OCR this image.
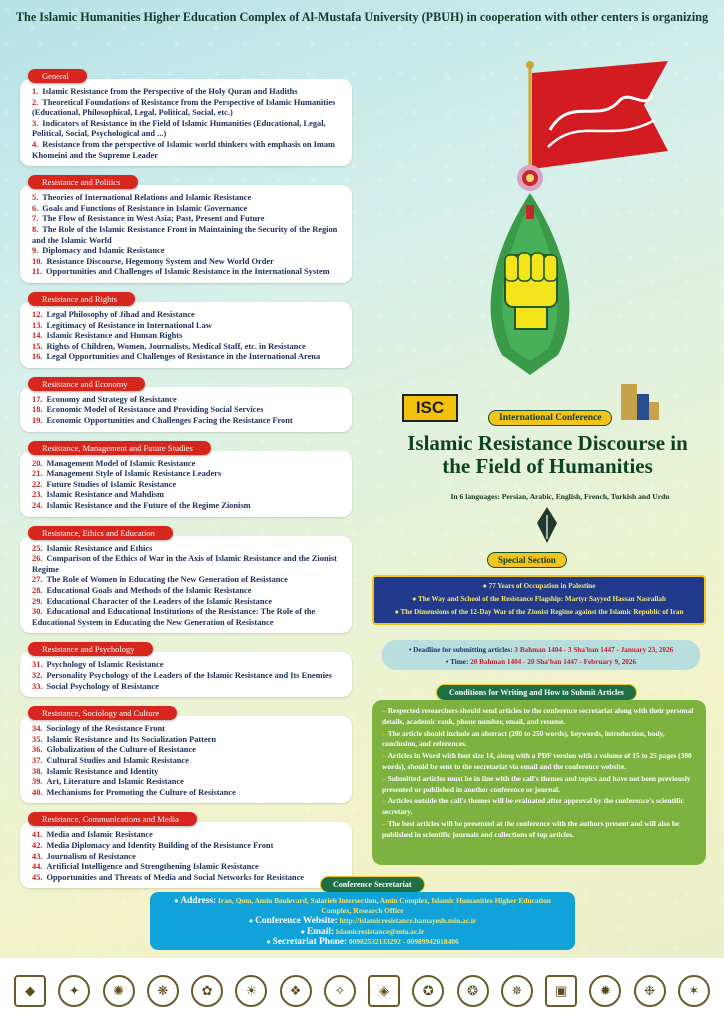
The Islamic Humanities Higher Education Complex of Al-Mustafa University (PBUH) in cooperation with other centers is organizing
General
1. Islamic Resistance from the Perspective of the Holy Quran and Hadiths
2. Theoretical Foundations of Resistance from the Perspective of Islamic Humanities (Educational, Philosophical, Legal, Political, Social, etc.)
3. Indicators of Resistance in the Field of Islamic Humanities (Educational, Legal, Political, Social, Psychological and ...)
4. Resistance from the perspective of Islamic world thinkers with emphasis on Imam Khomeini and the Supreme Leader
Resistance and Politics
5. Theories of International Relations and Islamic Resistance
6. Goals and Functions of Resistance in Islamic Governance
7. The Flow of Resistance in West Asia; Past, Present and Future
8. The Role of the Islamic Resistance Front in Maintaining the Security of the Region and the Islamic World
9. Diplomacy and Islamic Resistance
10. Resistance Discourse, Hegemony System and New World Order
11. Opportunities and Challenges of Islamic Resistance in the International System
Resistance and Rights
12. Legal Philosophy of Jihad and Resistance
13. Legitimacy of Resistance in International Law
14. Islamic Resistance and Human Rights
15. Rights of Children, Women, Journalists, Medical Staff, etc. in Resistance
16. Legal Opportunities and Challenges of Resistance in the International Arena
Resistance and Economy
17. Economy and Strategy of Resistance
18. Economic Model of Resistance and Providing Social Services
19. Economic Opportunities and Challenges Facing the Resistance Front
Resistance, Management and Future Studies
20. Management Model of Islamic Resistance
21. Management Style of Islamic Resistance Leaders
22. Future Studies of Islamic Resistance
23. Islamic Resistance and Mahdism
24. Islamic Resistance and the Future of the Regime Zionism
Resistance, Ethics and Education
25. Islamic Resistance and Ethics
26. Comparison of the Ethics of War in the Axis of Islamic Resistance and the Zionist Regime
27. The Role of Women in Educating the New Generation of Resistance
28. Educational Goals and Methods of the Islamic Resistance
29. Educational Character of the Leaders of the Islamic Resistance
30. Educational and Educational Institutions of the Resistance: The Role of the Educational System in Educating the New Generation of Resistance
Resistance and Psychology
31. Psychology of Islamic Resistance
32. Personality Psychology of the Leaders of the Islamic Resistance and Its Enemies
33. Social Psychology of Resistance
Resistance, Sociology and Culture
34. Sociology of the Resistance Front
35. Islamic Resistance and Its Socialization Pattern
36. Globalization of the Culture of Resistance
37. Cultural Studies and Islamic Resistance
38. Islamic Resistance and Identity
39. Art, Literature and Islamic Resistance
40. Mechanisms for Promoting the Culture of Resistance
Resistance, Communications and Media
41. Media and Islamic Resistance
42. Media Diplomacy and Identity Building of the Resistance Front
43. Journalism of Resistance
44. Artificial Intelligence and Strengthening Islamic Resistance
45. Opportunities and Threats of Media and Social Networks for Resistance
ISC
International Conference
Islamic Resistance Discourse in
the Field of Humanities
In 6 languages: Persian, Arabic, English, French, Turkish and Urdu
Special Section
● 77 Years of Occupation in Palestine
● The Way and School of the Resistance Flagship: Martyr Sayyed Hassan Nasrallah
● The Dimensions of the 12-Day War of the Zionist Regime against the Islamic Republic of Iran
• Deadline for submitting articles: 3 Bahman 1404 - 3 Sha'ban 1447 - January 23, 2026
• Time: 20 Bahman 1404 - 20 Sha'ban 1447 - February 9, 2026
Conditions for Writing and How to Submit Articles
– Respected researchers should send articles to the conference secretariat along with their personal details, academic rank, phone number, email, and resume.
– The article should include an abstract (200 to 250 words), keywords, introduction, body, conclusion, and references.
– Articles in Word with font size 14, along with a PDF version with a volume of 15 to 25 pages (300 words), should be sent to the secretariat via email and the conference website.
– Submitted articles must be in line with the call's themes and topics and have not been previously presented or published in another conference or journal.
– Articles outside the call's themes will be evaluated after approval by the conference's scientific secretary.
– The best articles will be presented at the conference with the authors present and will also be published in scientific journals and collections of top articles.
Conference Secretariat
● Address: Iran, Qom, Amin Boulevard, Salarieh Intersection, Amin Complex, Islamic Humanities Higher Education Complex, Research Office
● Conference Website: http://islamicresistance.hamayesh.miu.ac.ir
● Email: islamicresistance@miu.ac.ir
● Secretariat Phone: 00982532133292 - 00989942018406
◆	✦	✺	❋	✿	☀	❖	✧	◈	✪	❂	✵	▣	✹	❉	✶
